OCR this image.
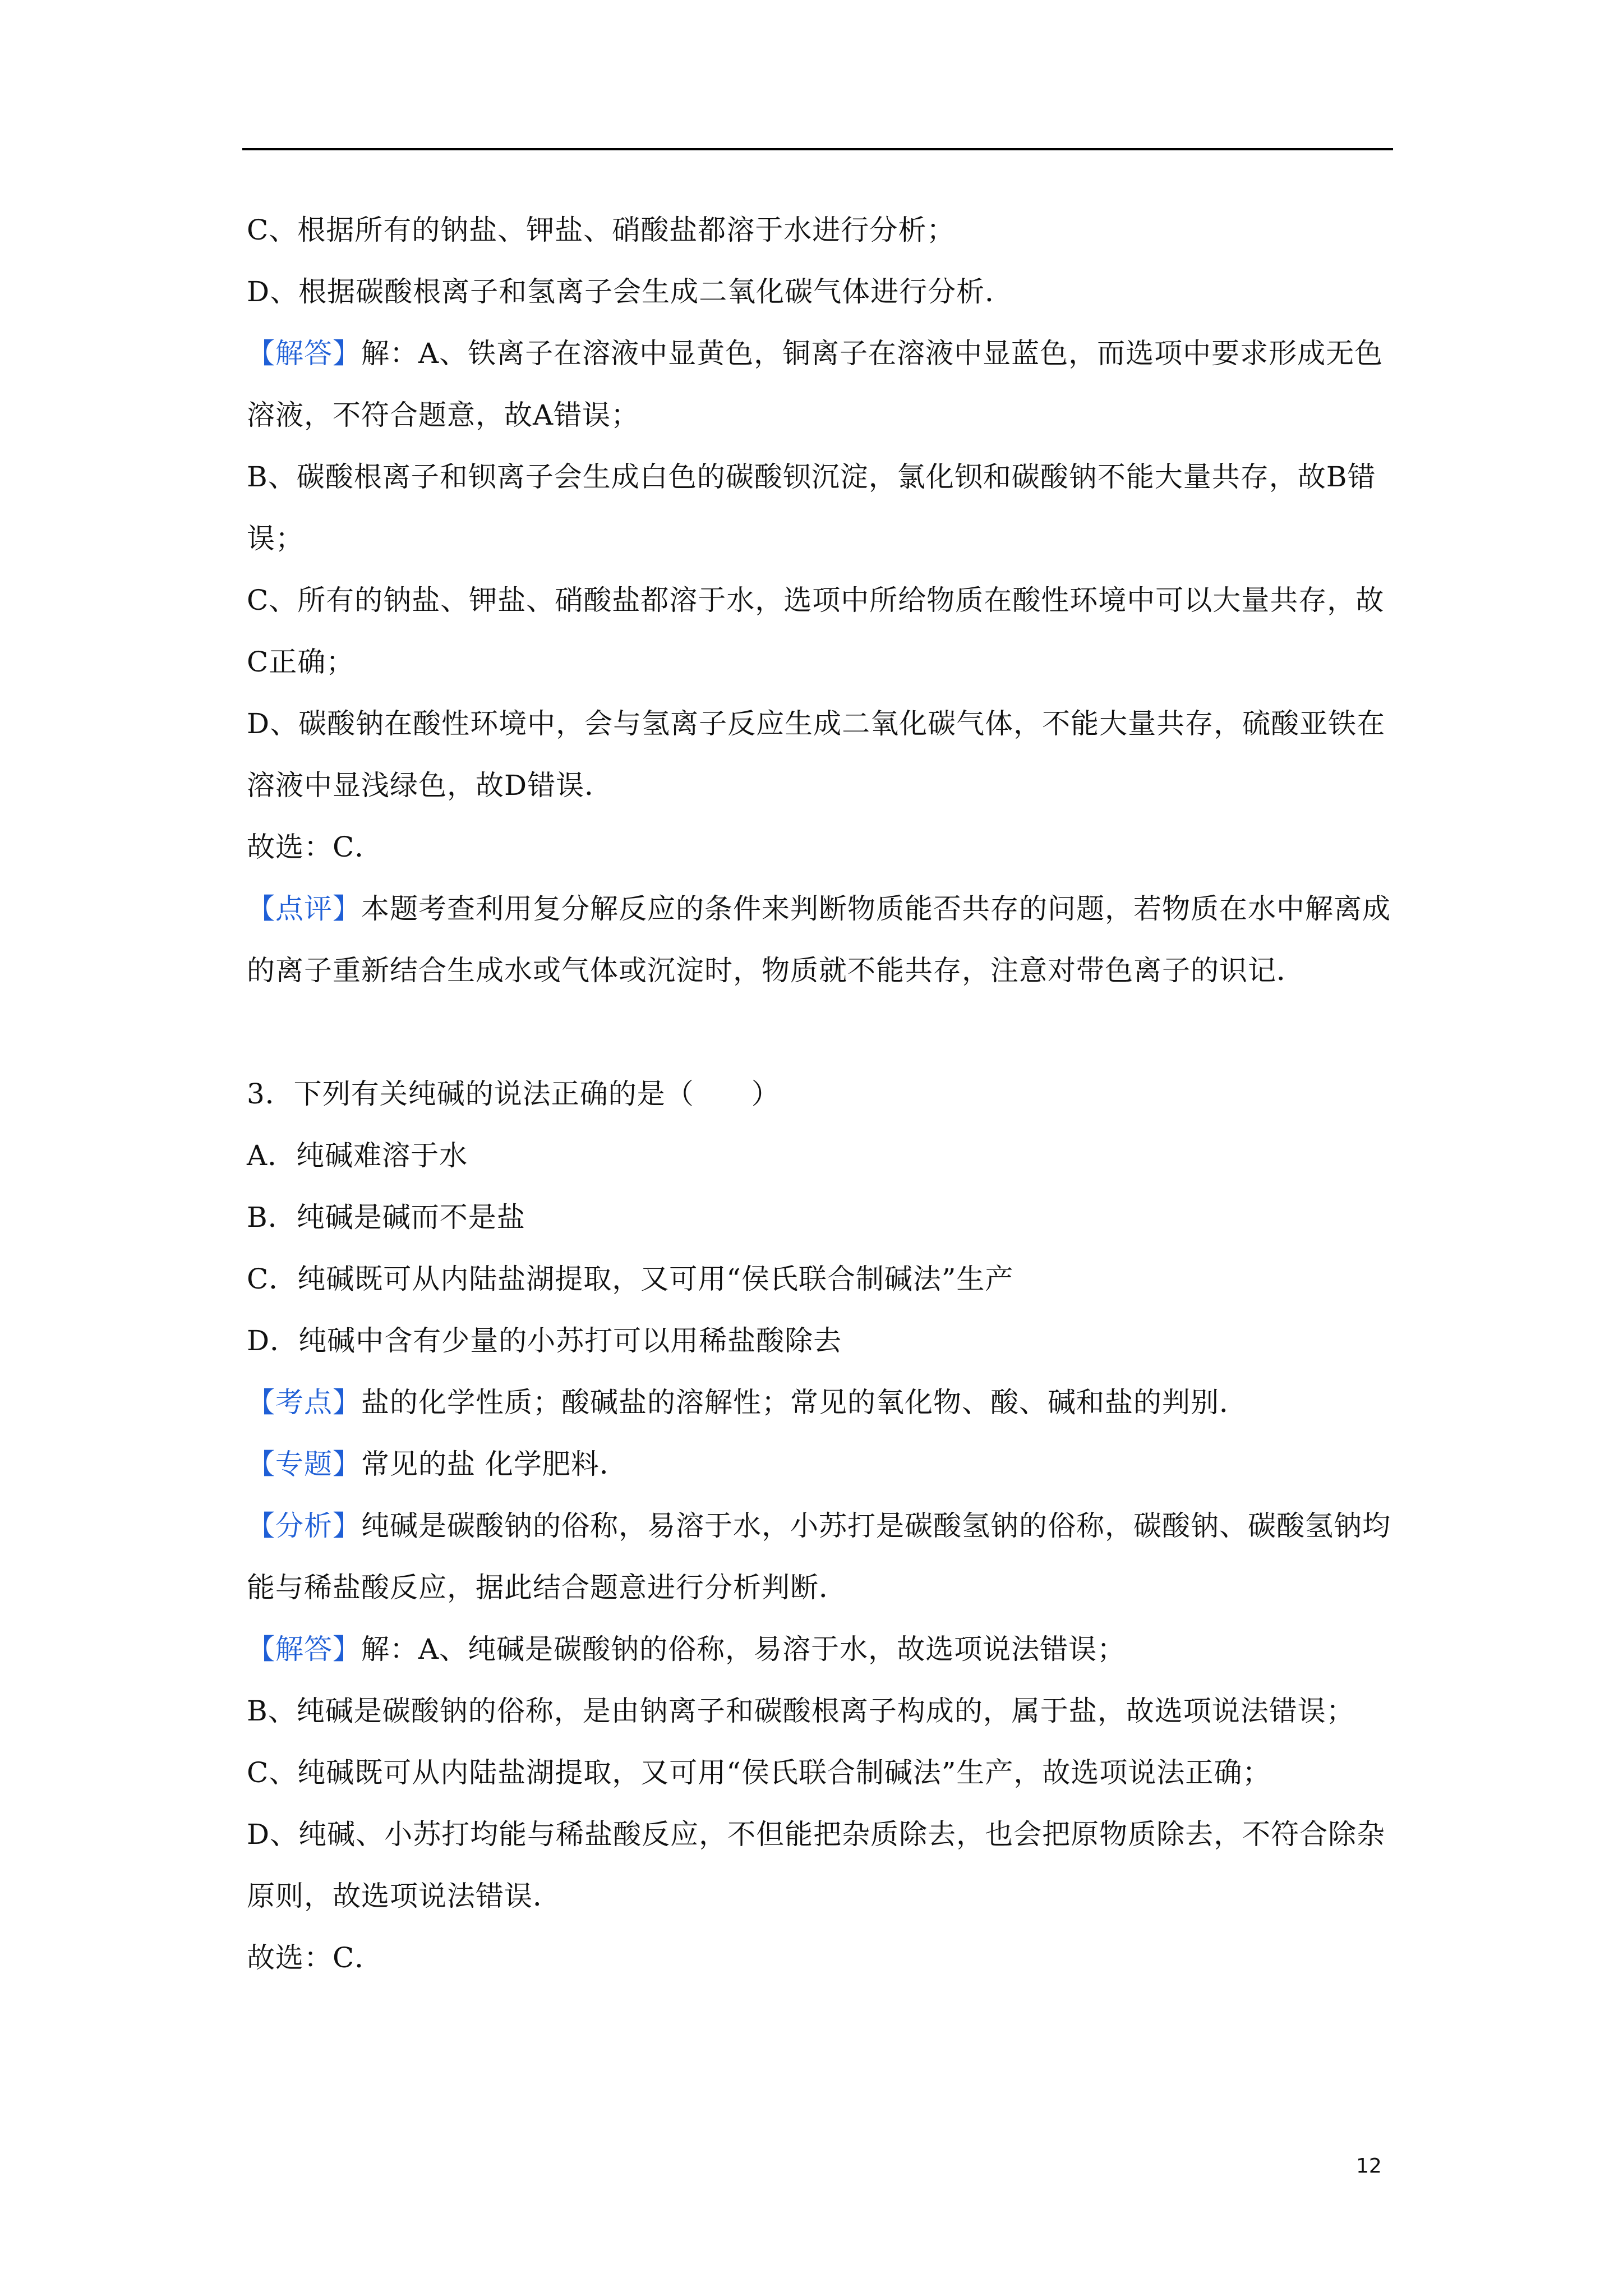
C、根据所有的钠盐、钾盐、硝酸盐都溶于水进行分析；
D、根据碳酸根离子和氢离子会生成二氧化碳气体进行分析．
【解答】解：A、铁离子在溶液中显黄色，铜离子在溶液中显蓝色，而选项中要求形成无色
溶液，不符合题意，故A错误；
B、碳酸根离子和钡离子会生成白色的碳酸钡沉淀，氯化钡和碳酸钠不能大量共存，故B错
误；
C、所有的钠盐、钾盐、硝酸盐都溶于水，选项中所给物质在酸性环境中可以大量共存，故
C正确；
D、碳酸钠在酸性环境中，会与氢离子反应生成二氧化碳气体，不能大量共存，硫酸亚铁在
溶液中显浅绿色，故D错误．
故选：C．
【点评】本题考查利用复分解反应的条件来判断物质能否共存的问题，若物质在水中解离成
的离子重新结合生成水或气体或沉淀时，物质就不能共存，注意对带色离子的识记．
3．下列有关纯碱的说法正确的是（　　）
A．纯碱难溶于水
B．纯碱是碱而不是盐
C．纯碱既可从内陆盐湖提取，又可用“侯氏联合制碱法”生产
D．纯碱中含有少量的小苏打可以用稀盐酸除去
【考点】盐的化学性质；酸碱盐的溶解性；常见的氧化物、酸、碱和盐的判别．
【专题】常见的盐 化学肥料．
【分析】纯碱是碳酸钠的俗称，易溶于水，小苏打是碳酸氢钠的俗称，碳酸钠、碳酸氢钠均
能与稀盐酸反应，据此结合题意进行分析判断．
【解答】解：A、纯碱是碳酸钠的俗称，易溶于水，故选项说法错误；
B、纯碱是碳酸钠的俗称，是由钠离子和碳酸根离子构成的，属于盐，故选项说法错误；
C、纯碱既可从内陆盐湖提取，又可用“侯氏联合制碱法”生产，故选项说法正确；
D、纯碱、小苏打均能与稀盐酸反应，不但能把杂质除去，也会把原物质除去，不符合除杂
原则，故选项说法错误．
故选：C．
12
